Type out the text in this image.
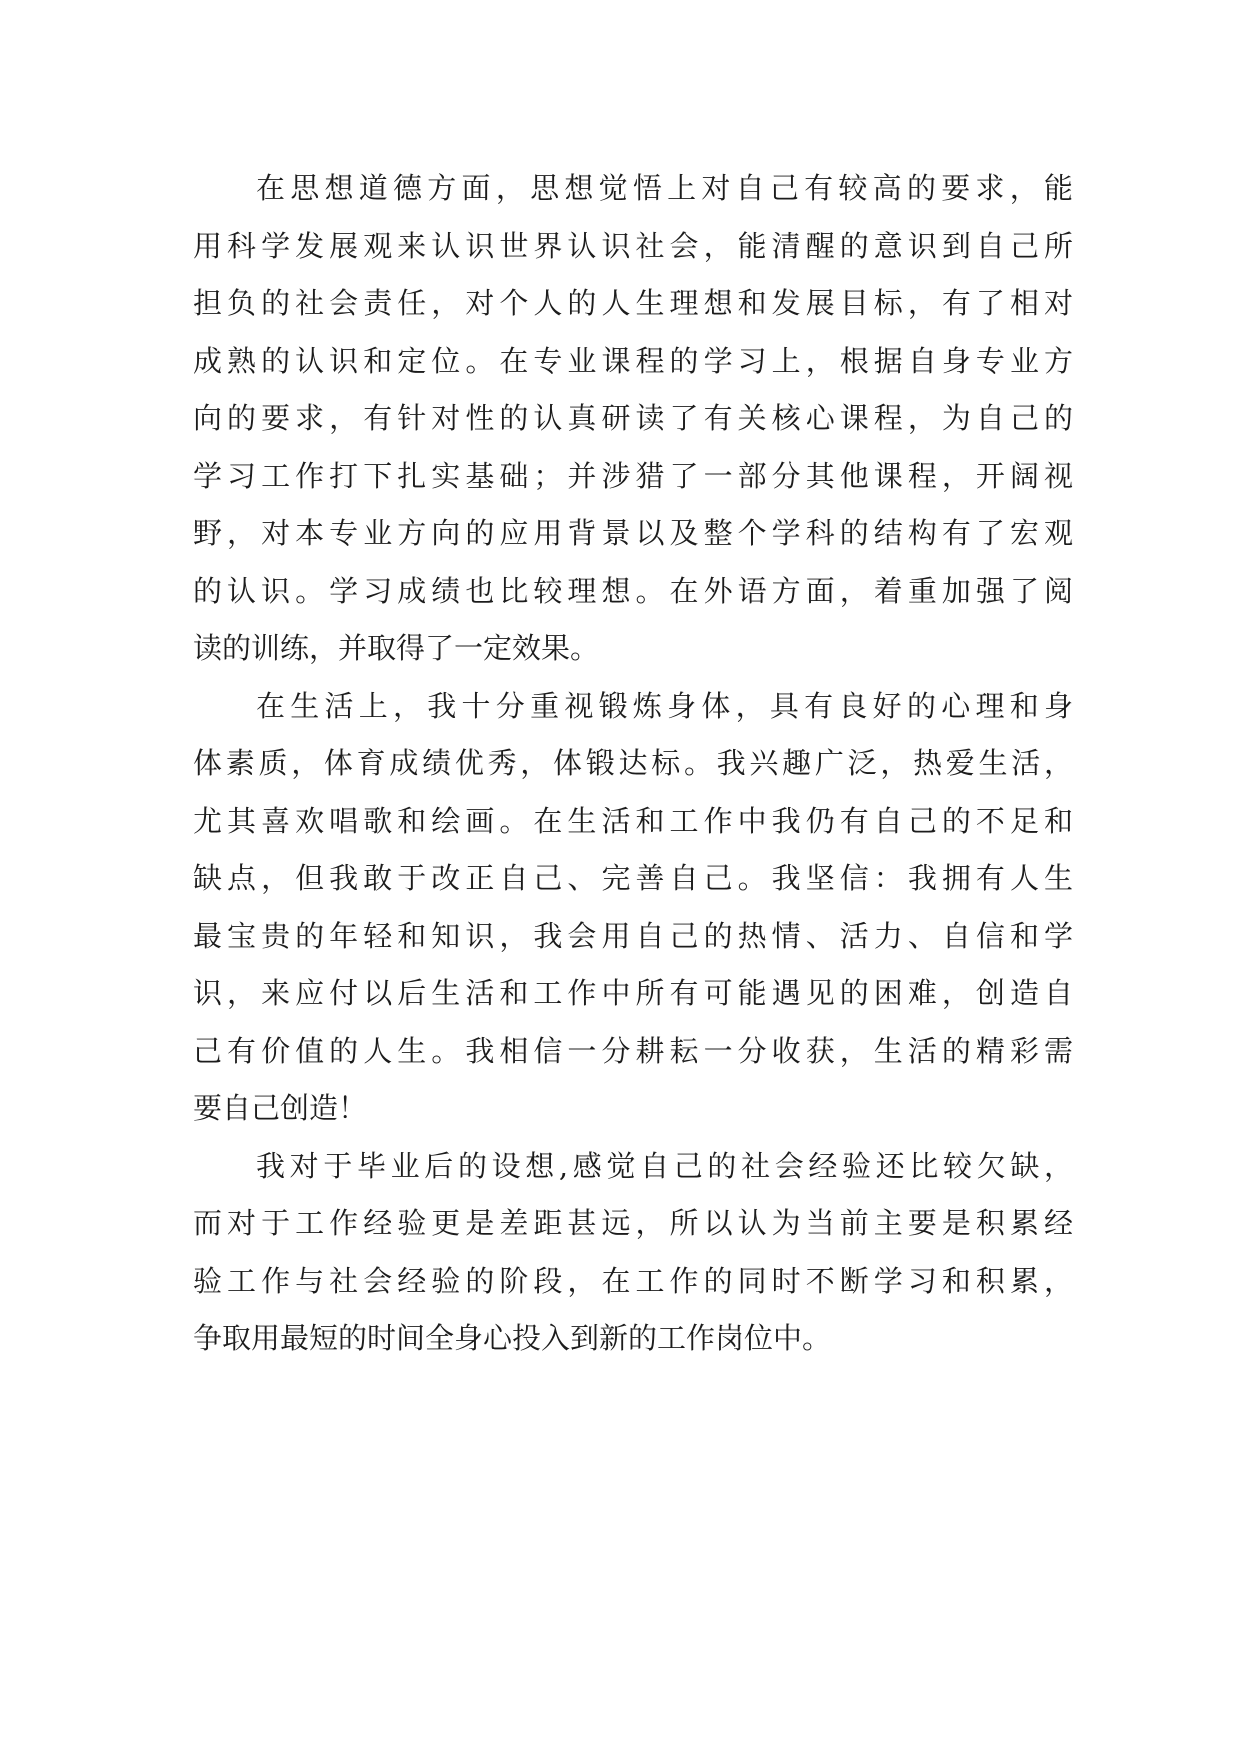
在思想道德方面，思想觉悟上对自己有较高的要求，能

用科学发展观来认识世界认识社会，能清醒的意识到自己所

担负的社会责任，对个人的人生理想和发展目标，有了相对

成熟的认识和定位。在专业课程的学习上，根据自身专业方

向的要求，有针对性的认真研读了有关核心课程，为自己的

学习工作打下扎实基础；并涉猎了一部分其他课程，开阔视

野，对本专业方向的应用背景以及整个学科的结构有了宏观

的认识。学习成绩也比较理想。在外语方面，着重加强了阅

读的训练，并取得了一定效果。

在生活上，我十分重视锻炼身体，具有良好的心理和身

体素质，体育成绩优秀，体锻达标。我兴趣广泛，热爱生活，

尤其喜欢唱歌和绘画。在生活和工作中我仍有自己的不足和

缺点，但我敢于改正自己、完善自己。我坚信：我拥有人生

最宝贵的年轻和知识，我会用自己的热情、活力、自信和学

识，来应付以后生活和工作中所有可能遇见的困难，创造自

己有价值的人生。我相信一分耕耘一分收获，生活的精彩需

要自己创造！

我对于毕业后的设想,感觉自己的社会经验还比较欠缺，

而对于工作经验更是差距甚远，所以认为当前主要是积累经

验工作与社会经验的阶段，在工作的同时不断学习和积累，

争取用最短的时间全身心投入到新的工作岗位中。
